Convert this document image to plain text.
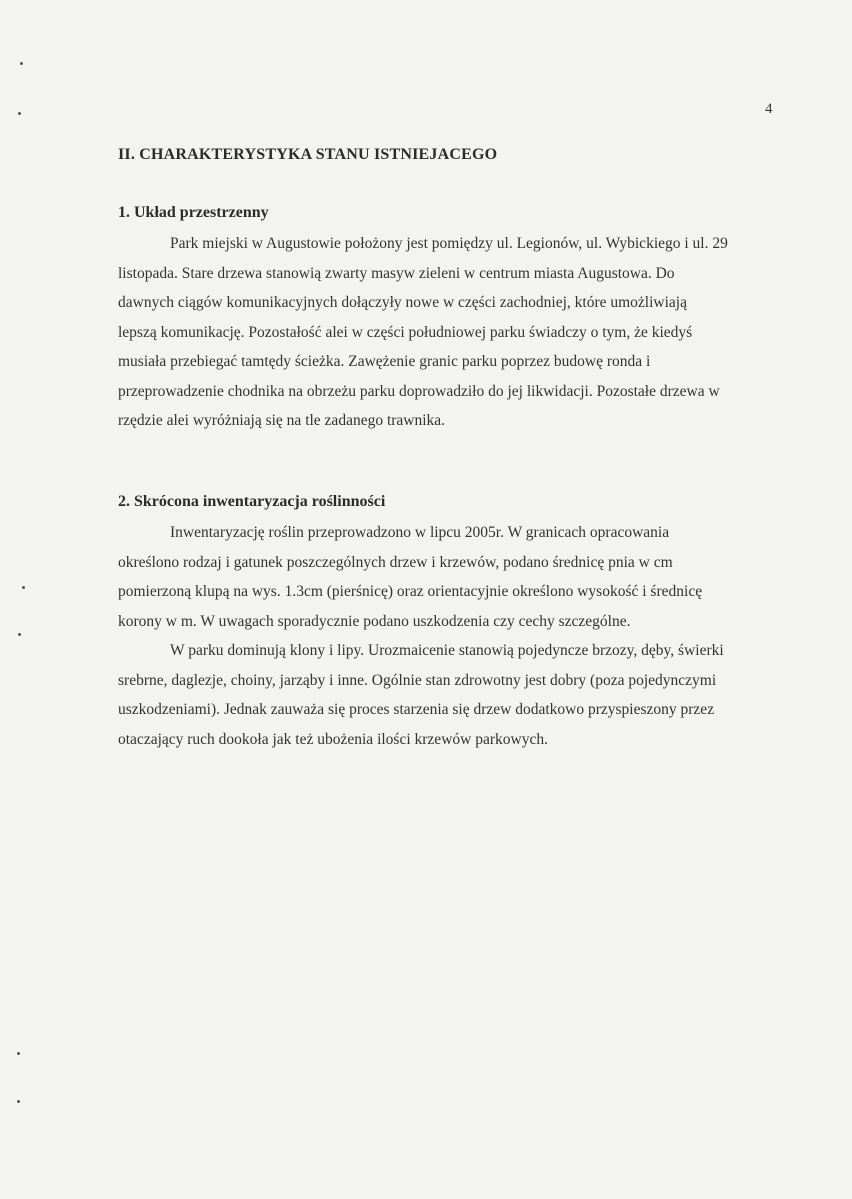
4
II. CHARAKTERYSTYKA STANU ISTNIEJACEGO
1. Układ przestrzenny

Park miejski w Augustowie położony jest pomiędzy ul. Legionów, ul. Wybickiego i ul. 29
listopada. Stare drzewa stanowią zwarty masyw zieleni w centrum miasta Augustowa. Do
dawnych ciągów komunikacyjnych dołączyły nowe w części zachodniej, które umożliwiają
lepszą komunikację. Pozostałość alei w części południowej parku świadczy o tym, że kiedyś
musiała przebiegać tamtędy ścieżka. Zawężenie granic parku poprzez budowę ronda i
przeprowadzenie chodnika na obrzeżu parku doprowadziło do jej likwidacji. Pozostałe drzewa w
rzędzie alei wyróżniają się na tle zadanego trawnika.

2. Skrócona inwentaryzacja roślinności

Inwentaryzację roślin przeprowadzono w lipcu 2005r. W granicach opracowania
określono rodzaj i gatunek poszczególnych drzew i krzewów, podano średnicę pnia w cm
pomierzoną klupą na wys. 1.3cm (pierśnicę) oraz orientacyjnie określono wysokość i średnicę
korony w m. W uwagach sporadycznie podano uszkodzenia czy cechy szczególne.

W parku dominują klony i lipy. Urozmaicenie stanowią pojedyncze brzozy, dęby, świerki
srebrne, daglezje, choiny, jarząby i inne. Ogólnie stan zdrowotny jest dobry (poza pojedynczymi
uszkodzeniami). Jednak zauważa się proces starzenia się drzew dodatkowo przyspieszony przez
otaczający ruch dookoła jak też ubożenia ilości krzewów parkowych.
